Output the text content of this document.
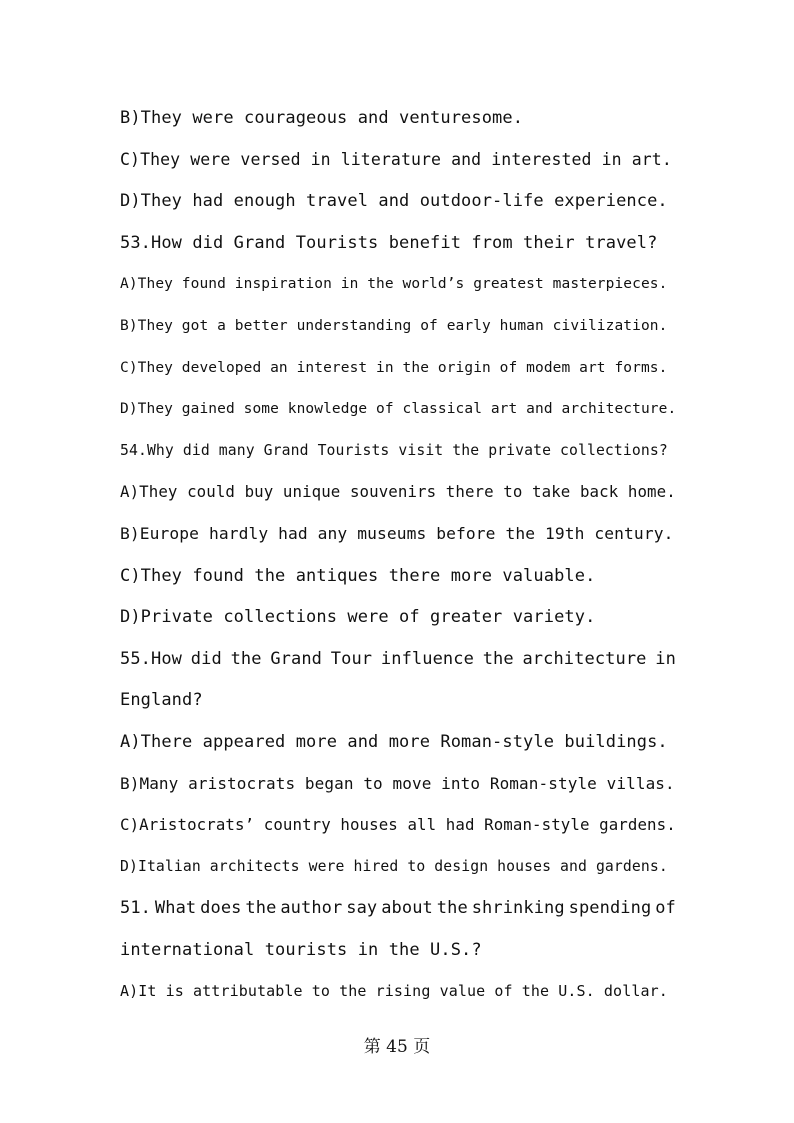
B)They were courageous and venturesome.
C)They were versed in literature and interested in art.
D)They had enough travel and outdoor-life experience.
53.How did Grand Tourists benefit from their travel?
A)They found inspiration in the world’s greatest masterpieces.
B)They got a better understanding of early human civilization.
C)They developed an interest in the origin of modem art forms.
D)They gained some knowledge of classical art and architecture.
54.Why did many Grand Tourists visit the private collections?
A)They could buy unique souvenirs there to take back home.
B)Europe hardly had any museums before the 19th century.
C)They found the antiques there more valuable.
D)Private collections were of greater variety.
55.How did the Grand Tour influence the architecture in
England?
A)There appeared more and more Roman-style buildings.
B)Many aristocrats began to move into Roman-style villas.
C)Aristocrats’ country houses all had Roman-style gardens.
D)Italian architects were hired to design houses and gardens.
51. What does the author say about the shrinking spending of
international tourists in the U.S.?
A)It is attributable to the rising value of the U.S. dollar.
第 45 页
